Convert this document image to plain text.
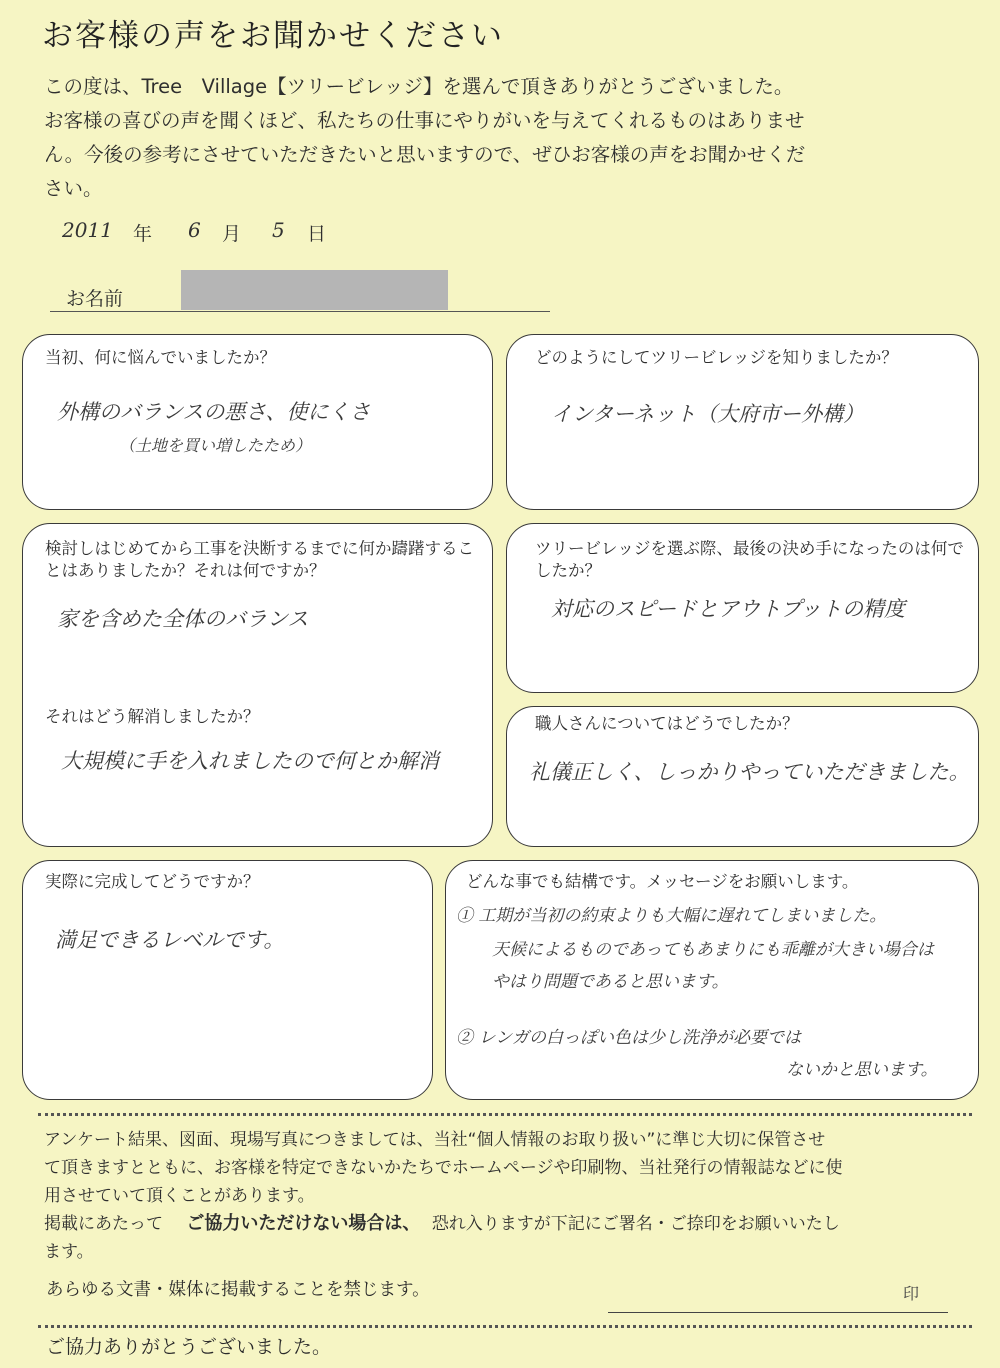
お客様の声をお聞かせください

この度は、Tree　Village【ツリービレッジ】を選んで頂きありがとうございました。

お客様の喜びの声を聞くほど、私たちの仕事にやりがいを与えてくれるものはありませ

ん。今後の参考にさせていただきたいと思いますので、ぜひお客様の声をお聞かせくだ

さい。

2011 年 6 月 5 日
お名前
当初、何に悩んでいましたか？
外構のバランスの悪さ、使にくさ
（土地を買い増したため）
どのようにしてツリービレッジを知りましたか？
インターネット（大府市ー外構）
検討しはじめてから工事を決断するまでに何か躊躇することはありましたか？それは何ですか？
家を含めた全体のバランス
それはどう解消しましたか？
大規模に手を入れましたので何とか解消
ツリービレッジを選ぶ際、最後の決め手になったのは何でしたか？
対応のスピードとアウトプットの精度
職人さんについてはどうでしたか？
礼儀正しく、しっかりやっていただきました。
実際に完成してどうですか？
満足できるレベルです。
どんな事でも結構です。メッセージをお願いします。
① 工期が当初の約束よりも大幅に遅れてしまいました。
天候によるものであってもあまりにも乖離が大きい場合は
やはり問題であると思います。
② レンガの白っぽい色は少し洗浄が必要では
ないかと思います。

アンケート結果、図面、現場写真につきましては、当社“個人情報のお取り扱い”に準じ大切に保管させ

て頂きますとともに、お客様を特定できないかたちでホームページや印刷物、当社発行の情報誌などに使

用させていて頂くことがあります。

掲載にあたって ご協力いただけない場合は、 恐れ入りますが下記にご署名・ご捺印をお願いいたし

ます。

あらゆる文書・媒体に掲載することを禁じます。	印
ご協力ありがとうございました。
